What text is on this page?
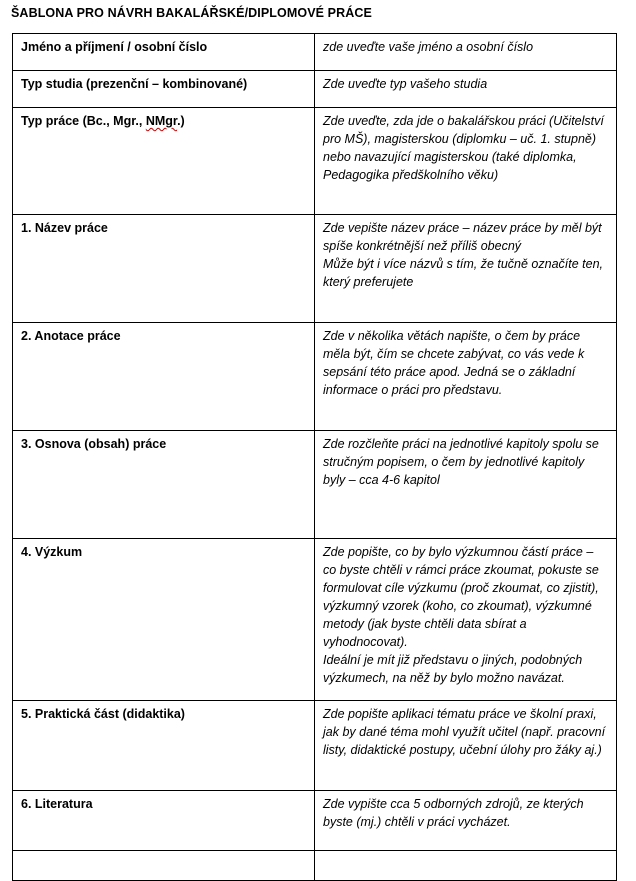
ŠABLONA PRO NÁVRH BAKALÁŘSKÉ/DIPLOMOVÉ PRÁCE
Jméno a příjmení / osobní číslo	zde uveďte vaše jméno a osobní číslo
Typ studia (prezenční – kombinované)	Zde uveďte typ vašeho studia
Typ práce (Bc., Mgr., NMgr.)	Zde uveďte, zda jde o bakalářskou práci (Učitelství pro MŠ), magisterskou (diplomku – uč. 1. stupně) nebo navazující magisterskou (také diplomka, Pedagogika předškolního věku)
1. Název práce	Zde vepište název práce – název práce by měl být spíše konkrétnější než příliš obecný
Může být i více názvů s tím, že tučně označíte ten, který preferujete

2. Anotace práce	Zde v několika větách napište, o čem by práce měla být, čím se chcete zabývat, co vás vede k sepsání této práce apod. Jedná se o základní informace o práci pro představu.
3. Osnova (obsah) práce	Zde rozčleňte práci na jednotlivé kapitoly spolu se stručným popisem, o čem by jednotlivé kapitoly byly – cca 4-6 kapitol
4. Výzkum	Zde popište, co by bylo výzkumnou částí práce – co byste chtěli v rámci práce zkoumat, pokuste se formulovat cíle výzkumu (proč zkoumat, co zjistit), výzkumný vzorek (koho, co zkoumat), výzkumné metody (jak byste chtěli data sbírat a vyhodnocovat).
Ideální je mít již představu o jiných, podobných výzkumech, na něž by bylo možno navázat.

5. Praktická část (didaktika)	Zde popište aplikaci tématu práce ve školní praxi, jak by dané téma mohl využít učitel (např. pracovní listy, didaktické postupy, učební úlohy pro žáky aj.)
6. Literatura	Zde vypište cca 5 odborných zdrojů, ze kterých byste (mj.) chtěli v práci vycházet.
